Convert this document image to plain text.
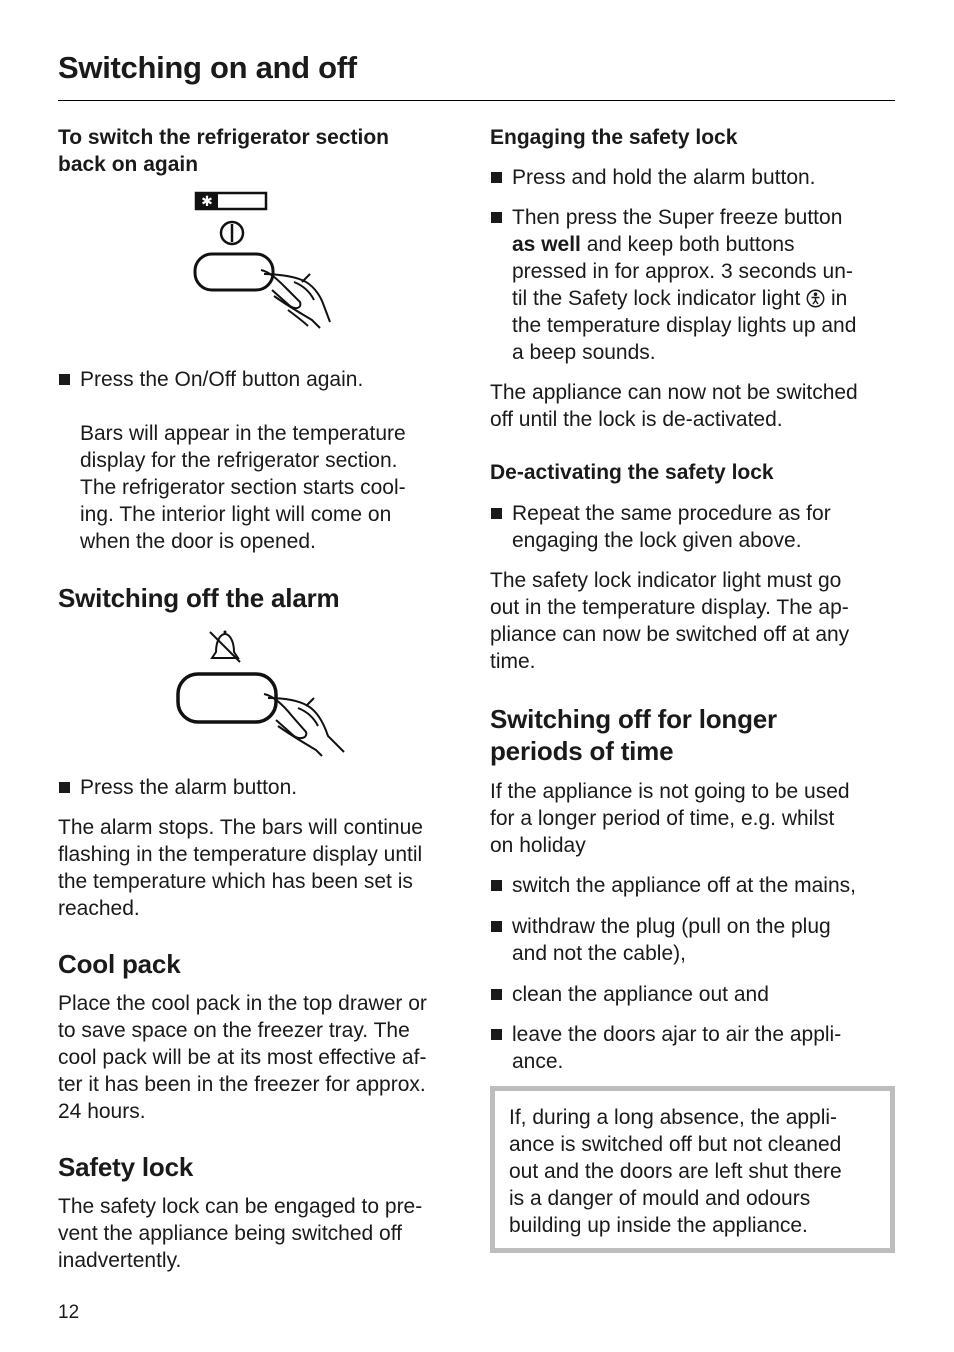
Switching on and off
To switch the refrigerator section
back on again
✱
Press the On/Off button again.
Bars will appear in the temperature
display for the refrigerator section.
The refrigerator section starts cool-
ing. The interior light will come on
when the door is opened.
Switching off the alarm
Press the alarm button.
The alarm stops. The bars will continue
flashing in the temperature display until
the temperature which has been set is
reached.
Cool pack
Place the cool pack in the top drawer or
to save space on the freezer tray. The
cool pack will be at its most effective af-
ter it has been in the freezer for approx.
24 hours.
Safety lock
The safety lock can be engaged to pre-
vent the appliance being switched off
inadvertently.
Engaging the safety lock
Press and hold the alarm button.
Then press the Super freeze button
as well and keep both buttons
pressed in for approx. 3 seconds un-
til the Safety lock indicator light  in
the temperature display lights up and
a beep sounds.
The appliance can now not be switched
off until the lock is de-activated.
De-activating the safety lock
Repeat the same procedure as for
engaging the lock given above.
The safety lock indicator light must go
out in the temperature display. The ap-
pliance can now be switched off at any
time.
Switching off for longer
periods of time
If the appliance is not going to be used
for a longer period of time, e.g. whilst
on holiday
switch the appliance off at the mains,
withdraw the plug (pull on the plug
and not the cable),
clean the appliance out and
leave the doors ajar to air the appli-
ance.
If, during a long absence, the appli-
ance is switched off but not cleaned
out and the doors are left shut there
is a danger of mould and odours
building up inside the appliance.
12
